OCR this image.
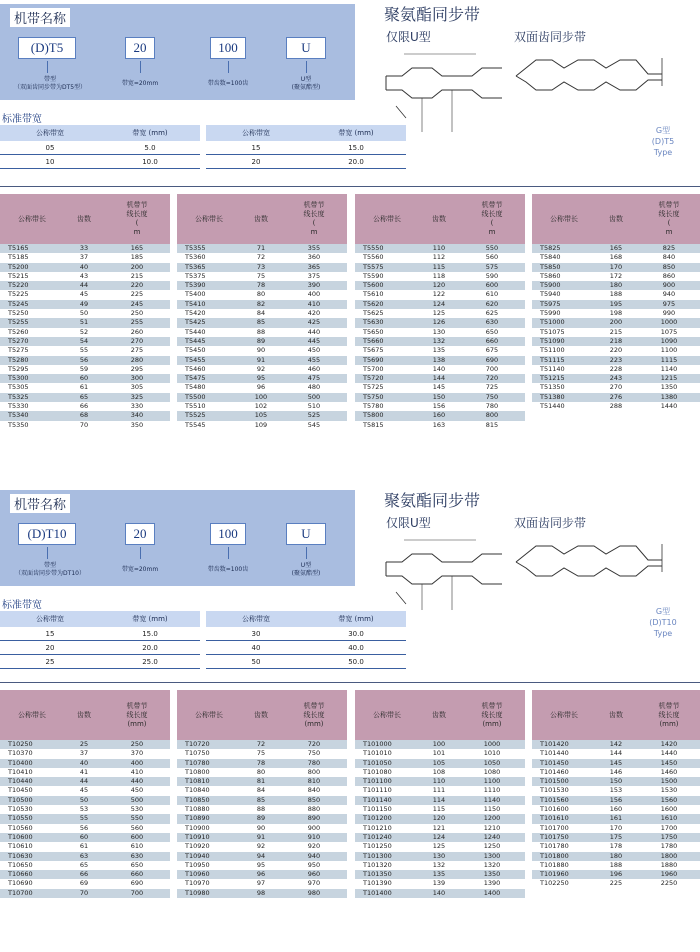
机带名称
(D)T5
带型
（双面齿同步带为DT5型）
20
带宽=20mm
100
带齿数=100齿
U
U型
(聚氨酯型)
聚氨酯同步带
仅限U型	双面齿同步带
G型
(D)T5
Type
标准带宽
公称带宽	带宽 (mm)
05	5.0
10	10.0
公称带宽	带宽 (mm)
15	15.0
20	20.0
公称带长	齿数
机带节
线长度
(
m
T5165	33	165
T5185	37	185
T5200	40	200
T5215	43	215
T5220	44	220
T5225	45	225
T5245	49	245
T5250	50	250
T5255	51	255
T5260	52	260
T5270	54	270
T5275	55	275
T5280	56	280
T5295	59	295
T5300	60	300
T5305	61	305
T5325	65	325
T5330	66	330
T5340	68	340
T5350	70	350
公称带长	齿数
机带节
线长度
(
m
T5355	71	355
T5360	72	360
T5365	73	365
T5375	75	375
T5390	78	390
T5400	80	400
T5410	82	410
T5420	84	420
T5425	85	425
T5440	88	440
T5445	89	445
T5450	90	450
T5455	91	455
T5460	92	460
T5475	95	475
T5480	96	480
T5500	100	500
T5510	102	510
T5525	105	525
T5545	109	545
公称带长	齿数
机带节
线长度
(
m
T5550	110	550
T5560	112	560
T5575	115	575
T5590	118	590
T5600	120	600
T5610	122	610
T5620	124	620
T5625	125	625
T5630	126	630
T5650	130	650
T5660	132	660
T5675	135	675
T5690	138	690
T5700	140	700
T5720	144	720
T5725	145	725
T5750	150	750
T5780	156	780
T5800	160	800
T5815	163	815
公称带长	齿数
机带节
线长度
(
m
T5825	165	825
T5840	168	840
T5850	170	850
T5860	172	860
T5900	180	900
T5940	188	940
T5975	195	975
T5990	198	990
T51000	200	1000
T51075	215	1075
T51090	218	1090
T51100	220	1100
T51115	223	1115
T51140	228	1140
T51215	243	1215
T51350	270	1350
T51380	276	1380
T51440	288	1440
机带名称
(D)T10
带型
（双面齿同步带为DT10）
20
带宽=20mm
100
带齿数=100齿
U
U型
(聚氨酯型)
聚氨酯同步带
仅限U型	双面齿同步带
G型
(D)T10
Type
标准带宽
公称带宽	带宽 (mm)
15	15.0
20	20.0
25	25.0
公称带宽	带宽 (mm)
30	30.0
40	40.0
50	50.0
公称带长	齿数
机带节
线长度
(mm)
T10250	25	250
T10370	37	370
T10400	40	400
T10410	41	410
T10440	44	440
T10450	45	450
T10500	50	500
T10530	53	530
T10550	55	550
T10560	56	560
T10600	60	600
T10610	61	610
T10630	63	630
T10650	65	650
T10660	66	660
T10690	69	690
T10700	70	700
公称带长	齿数
机带节
线长度
(mm)
T10720	72	720
T10750	75	750
T10780	78	780
T10800	80	800
T10810	81	810
T10840	84	840
T10850	85	850
T10880	88	880
T10890	89	890
T10900	90	900
T10910	91	910
T10920	92	920
T10940	94	940
T10950	95	950
T10960	96	960
T10970	97	970
T10980	98	980
公称带长	齿数
机带节
线长度
(mm)
T101000	100	1000
T101010	101	1010
T101050	105	1050
T101080	108	1080
T101100	110	1100
T101110	111	1110
T101140	114	1140
T101150	115	1150
T101200	120	1200
T101210	121	1210
T101240	124	1240
T101250	125	1250
T101300	130	1300
T101320	132	1320
T101350	135	1350
T101390	139	1390
T101400	140	1400
公称带长	齿数
机带节
线长度
(mm)
T101420	142	1420
T101440	144	1440
T101450	145	1450
T101460	146	1460
T101500	150	1500
T101530	153	1530
T101560	156	1560
T101600	160	1600
T101610	161	1610
T101700	170	1700
T101750	175	1750
T101780	178	1780
T101800	180	1800
T101880	188	1880
T101960	196	1960
T102250	225	2250
